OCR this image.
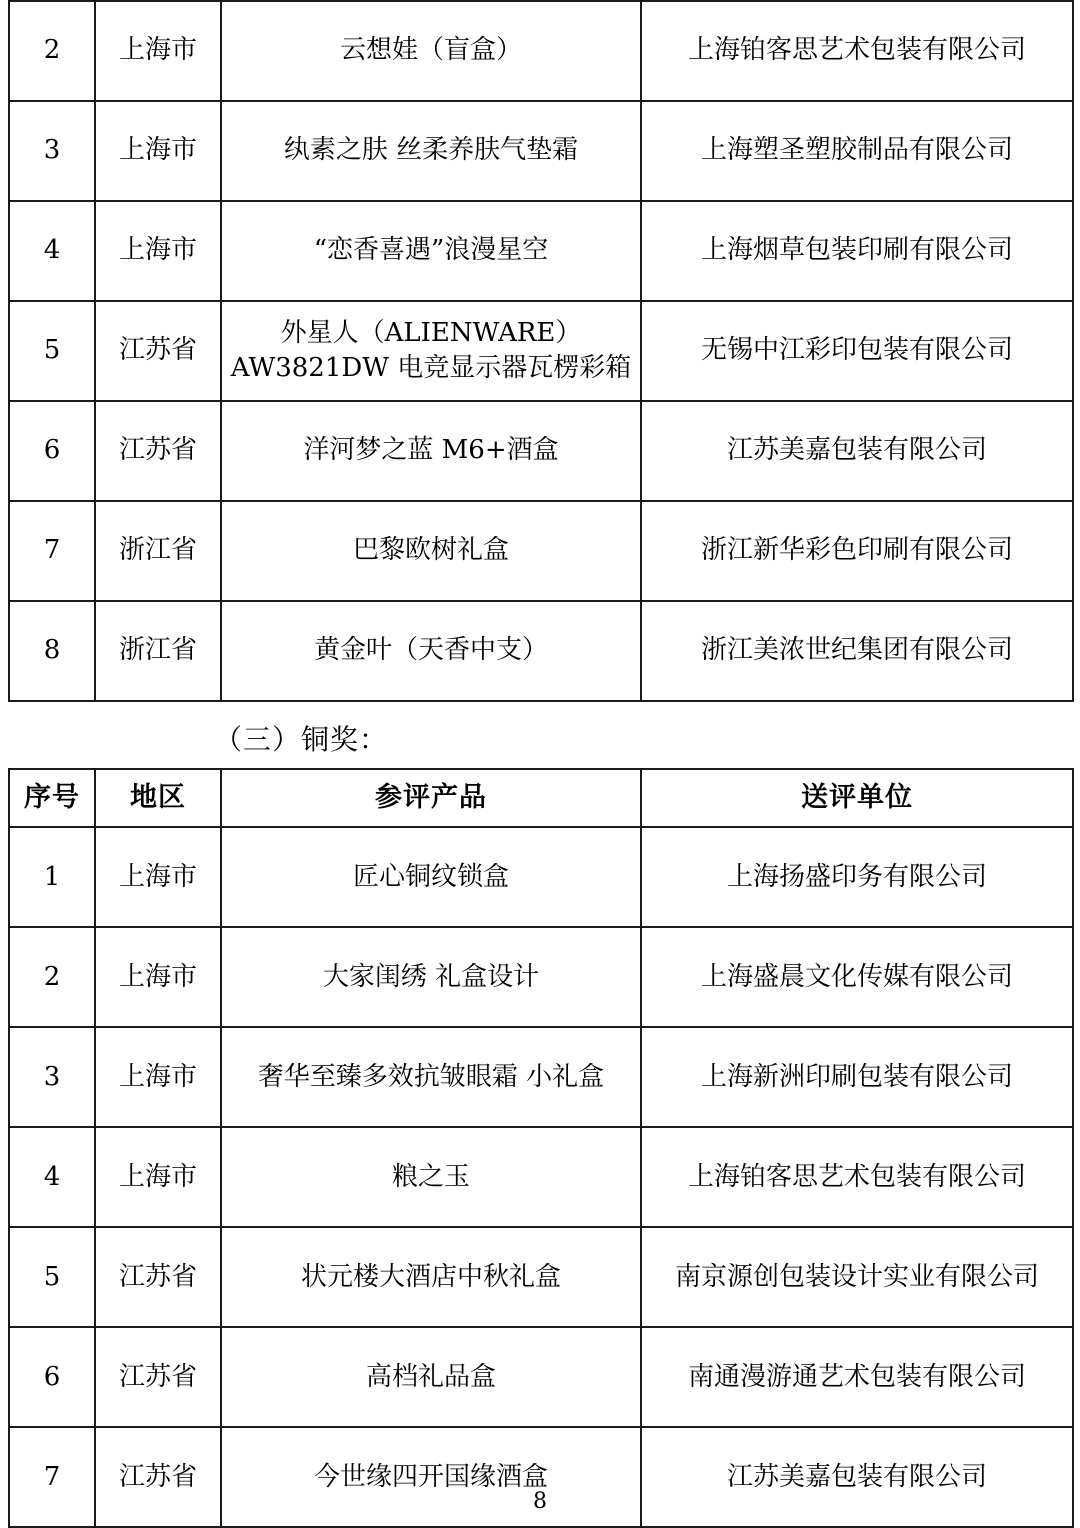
2	上海市	云想娃（盲盒）	上海铂客思艺术包装有限公司
3	上海市	纨素之肤 丝柔养肤气垫霜	上海塑圣塑胶制品有限公司
4	上海市	“恋香喜遇”浪漫星空	上海烟草包装印刷有限公司
5	江苏省	外星人（ALIENWARE）AW3821DW 电竞显示器瓦楞彩箱	无锡中江彩印包装有限公司
6	江苏省	洋河梦之蓝 M6+酒盒	江苏美嘉包装有限公司
7	浙江省	巴黎欧树礼盒	浙江新华彩色印刷有限公司
8	浙江省	黄金叶（天香中支）	浙江美浓世纪集团有限公司
（三）铜奖：
序号	地区	参评产品	送评单位
1	上海市	匠心铜纹锁盒	上海扬盛印务有限公司
2	上海市	大家闺绣 礼盒设计	上海盛晨文化传媒有限公司
3	上海市	奢华至臻多效抗皱眼霜 小礼盒	上海新洲印刷包装有限公司
4	上海市	粮之玉	上海铂客思艺术包装有限公司
5	江苏省	状元楼大酒店中秋礼盒	南京源创包装设计实业有限公司
6	江苏省	高档礼品盒	南通漫游通艺术包装有限公司
7	江苏省	今世缘四开国缘酒盒	江苏美嘉包装有限公司
8
